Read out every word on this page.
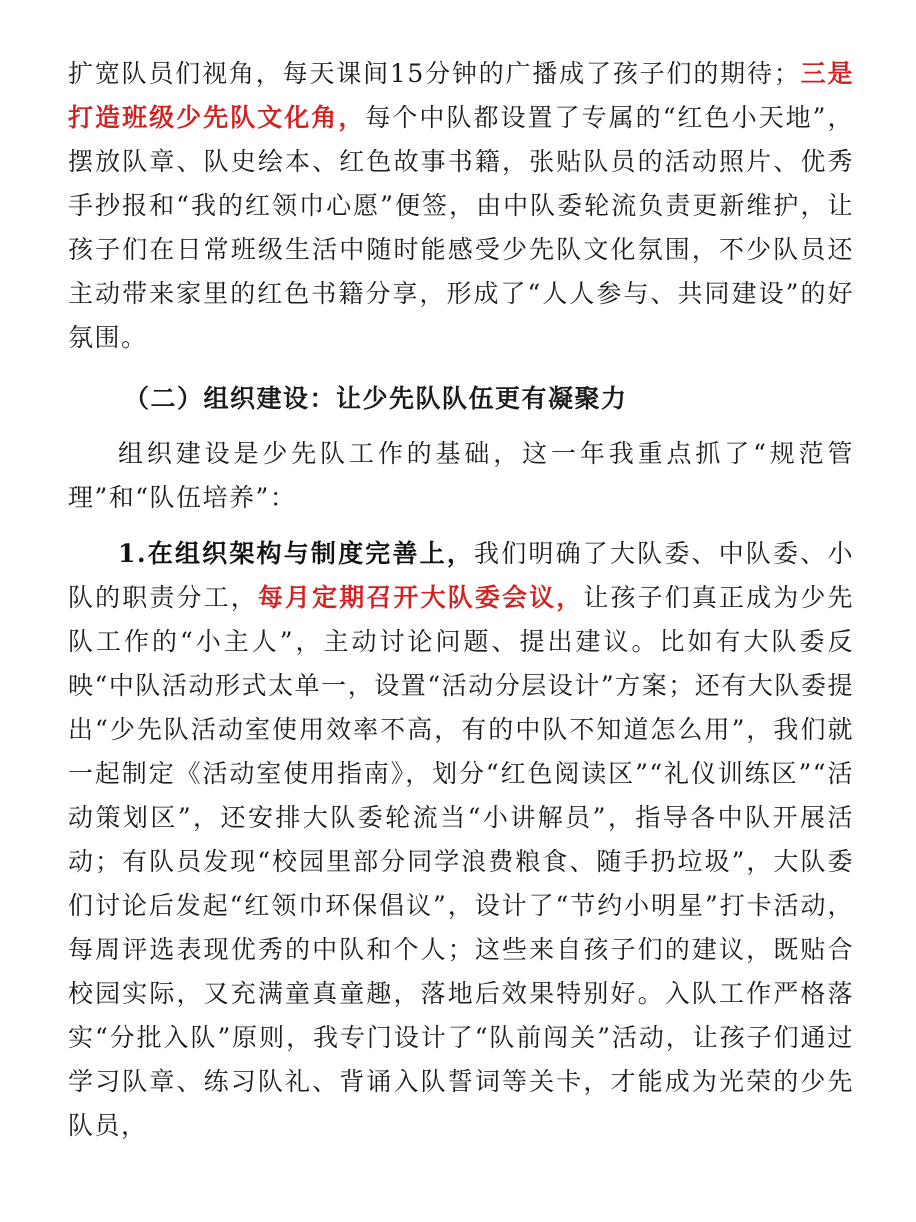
扩宽队员们视角，每天课间15分钟的广播成了孩子们的期待；三是打造班级少先队文化角，每个中队都设置了专属的“红色小天地”，摆放队章、队史绘本、红色故事书籍，张贴队员的活动照片、优秀手抄报和“我的红领巾心愿”便签，由中队委轮流负责更新维护，让孩子们在日常班级生活中随时能感受少先队文化氛围，不少队员还主动带来家里的红色书籍分享，形成了“人人参与、共同建设”的好氛围。

（二）组织建设：让少先队队伍更有凝聚力

组织建设是少先队工作的基础，这一年我重点抓了“规范管理”和“队伍培养”：

1.在组织架构与制度完善上，我们明确了大队委、中队委、小队的职责分工，每月定期召开大队委会议，让孩子们真正成为少先队工作的“小主人”，主动讨论问题、提出建议。比如有大队委反映“中队活动形式太单一，设置“活动分层设计”方案；还有大队委提出“少先队活动室使用效率不高，有的中队不知道怎么用”，我们就一起制定《活动室使用指南》，划分“红色阅读区”“礼仪训练区”“活动策划区”，还安排大队委轮流当“小讲解员”，指导各中队开展活动；有队员发现“校园里部分同学浪费粮食、随手扔垃圾”，大队委们讨论后发起“红领巾环保倡议”，设计了“节约小明星”打卡活动，每周评选表现优秀的中队和个人；这些来自孩子们的建议，既贴合校园实际，又充满童真童趣，落地后效果特别好。入队工作严格落实“分批入队”原则，我专门设计了“队前闯关”活动，让孩子们通过学习队章、练习队礼、背诵入队誓词等关卡，才能成为光荣的少先队员，
